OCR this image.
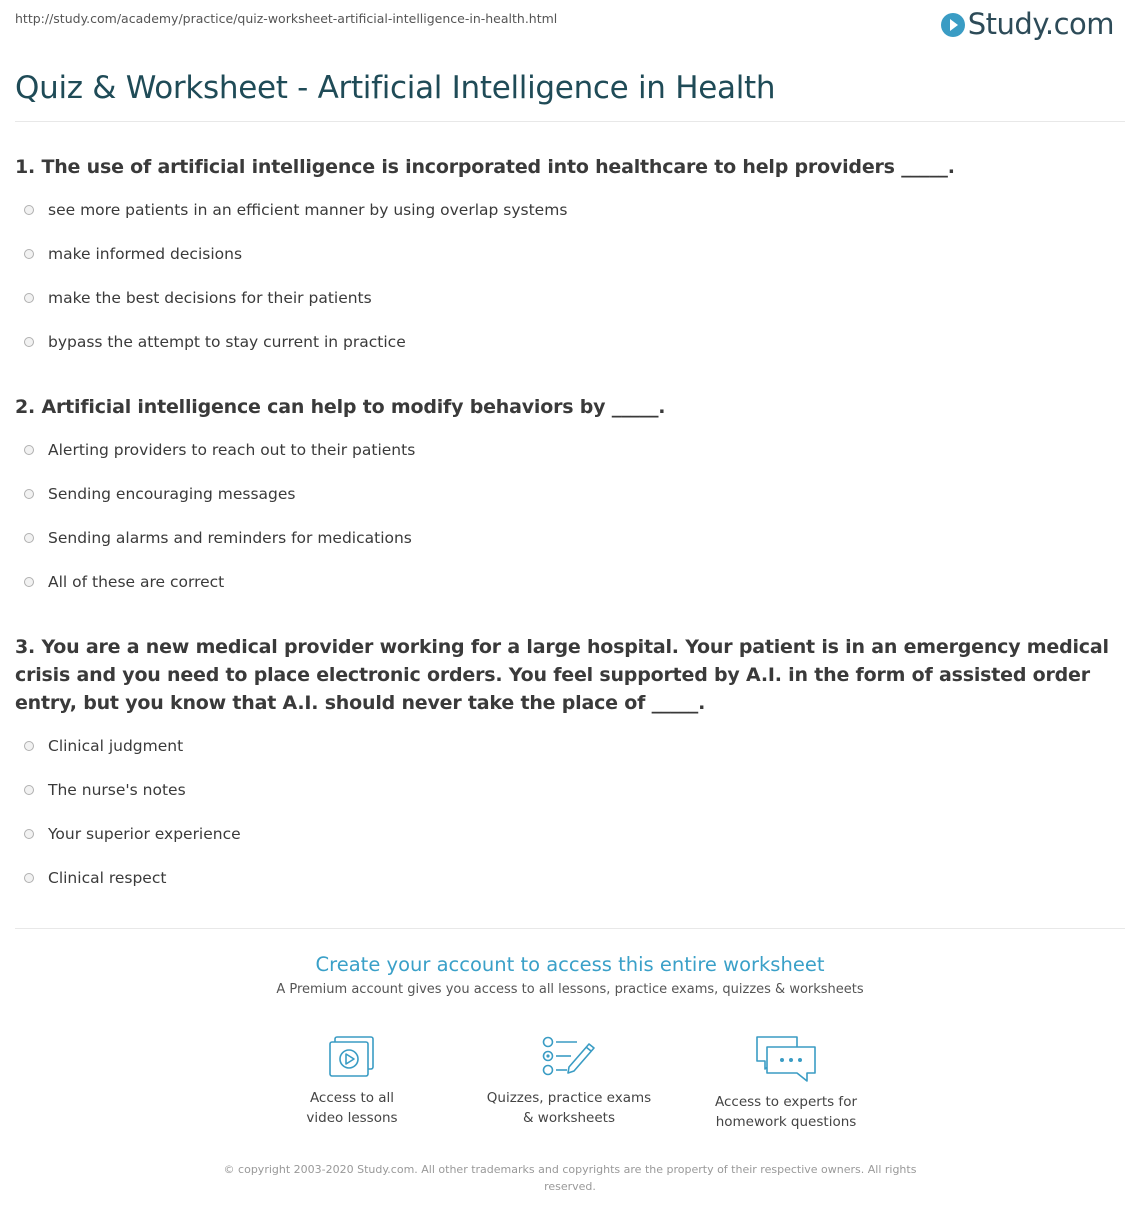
http://study.com/academy/practice/quiz-worksheet-artificial-intelligence-in-health.html	Study.com
Quiz & Worksheet - Artificial Intelligence in Health
1. The use of artificial intelligence is incorporated into healthcare to help providers _____.
see more patients in an efficient manner by using overlap systems
make informed decisions
make the best decisions for their patients
bypass the attempt to stay current in practice
2. Artificial intelligence can help to modify behaviors by _____.
Alerting providers to reach out to their patients
Sending encouraging messages
Sending alarms and reminders for medications
All of these are correct
3. You are a new medical provider working for a large hospital. Your patient is in an emergency medical crisis and you need to place electronic orders. You feel supported by A.I. in the form of assisted order entry, but you know that A.I. should never take the place of _____.
Clinical judgment
The nurse's notes
Your superior experience
Clinical respect
Create your account to access this entire worksheet
A Premium account gives you access to all lessons, practice exams, quizzes & worksheets
Access to all
video lessons
Quizzes, practice exams
& worksheets
Access to experts for
homework questions
© copyright 2003-2020 Study.com. All other trademarks and copyrights are the property of their respective owners. All rights reserved.
